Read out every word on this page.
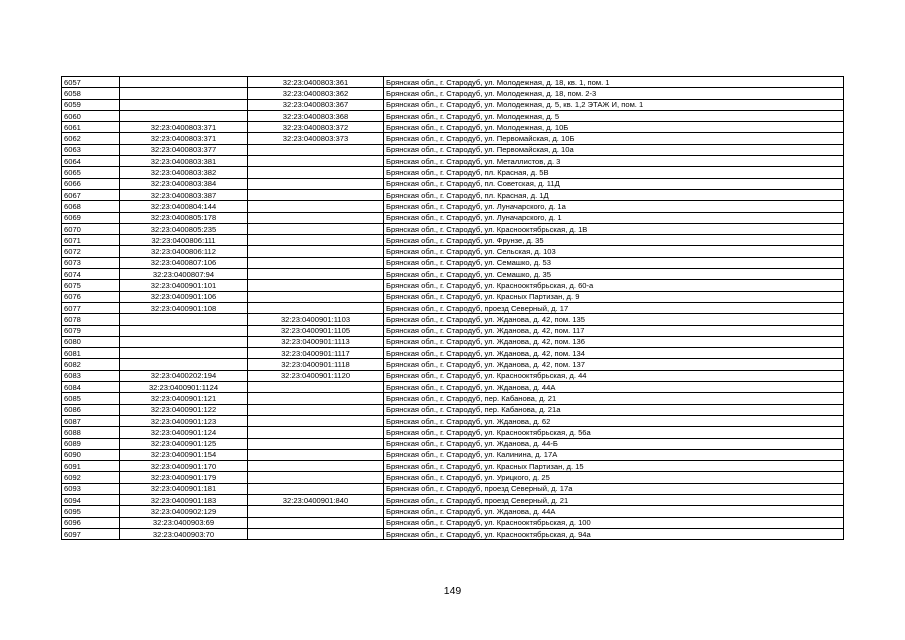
6057		32:23:0400803:361	Брянская обл., г. Стародуб, ул. Молодежная, д. 18, кв. 1, пом. 1
6058		32:23:0400803:362	Брянская обл., г. Стародуб, ул. Молодежная, д. 18, пом. 2-3
6059		32:23:0400803:367	Брянская обл., г. Стародуб, ул. Молодежная, д. 5, кв. 1,2 ЭТАЖ И, пом. 1
6060		32:23:0400803:368	Брянская обл., г. Стародуб, ул. Молодежная, д. 5
6061	32:23:0400803:371	32:23:0400803:372	Брянская обл., г. Стародуб, ул. Молодежная, д. 10Б
6062	32:23:0400803:371	32:23:0400803:373	Брянская обл., г. Стародуб, ул. Первомайская, д. 10Б
6063	32:23:0400803:377		Брянская обл., г. Стародуб, ул. Первомайская, д. 10а
6064	32:23:0400803:381		Брянская обл., г. Стародуб, ул. Металлистов, д. 3
6065	32:23:0400803:382		Брянская обл., г. Стародуб, пл. Красная, д. 5В
6066	32:23:0400803:384		Брянская обл., г. Стародуб, пл. Советская, д. 11Д
6067	32:23:0400803:387		Брянская обл., г. Стародуб, пл. Красная, д. 1Д
6068	32:23:0400804:144		Брянская обл., г. Стародуб, ул. Луначарского, д. 1а
6069	32:23:0400805:178		Брянская обл., г. Стародуб, ул. Луначарского, д. 1
6070	32:23:0400805:235		Брянская обл., г. Стародуб, ул. Краснооктябрьская, д. 1В
6071	32:23:0400806:111		Брянская обл., г. Стародуб, ул. Фрунзе, д. 35
6072	32:23:0400806:112		Брянская обл., г. Стародуб, ул. Сельская, д. 103
6073	32:23:0400807:106		Брянская обл., г. Стародуб, ул. Семашко, д. 53
6074	32:23:0400807:94		Брянская обл., г. Стародуб, ул. Семашко, д. 35
6075	32:23:0400901:101		Брянская обл., г. Стародуб, ул. Краснооктябрьская, д. 60-а
6076	32:23:0400901:106		Брянская обл., г. Стародуб, ул. Красных Партизан, д. 9
6077	32:23:0400901:108		Брянская обл., г. Стародуб, проезд Северный, д. 17
6078		32:23:0400901:1103	Брянская обл., г. Стародуб, ул. Жданова, д. 42, пом. 135
6079		32:23:0400901:1105	Брянская обл., г. Стародуб, ул. Жданова, д. 42, пом. 117
6080		32:23:0400901:1113	Брянская обл., г. Стародуб, ул. Жданова, д. 42, пом. 136
6081		32:23:0400901:1117	Брянская обл., г. Стародуб, ул. Жданова, д. 42, пом. 134
6082		32:23:0400901:1118	Брянская обл., г. Стародуб, ул. Жданова, д. 42, пом. 137
6083	32:23:0400202:194	32:23:0400901:1120	Брянская обл., г. Стародуб, ул. Краснооктябрьская, д. 44
6084	32:23:0400901:1124		Брянская обл., г. Стародуб, ул. Жданова, д. 44А
6085	32:23:0400901:121		Брянская обл., г. Стародуб, пер. Кабанова, д. 21
6086	32:23:0400901:122		Брянская обл., г. Стародуб, пер. Кабанова, д. 21а
6087	32:23:0400901:123		Брянская обл., г. Стародуб, ул. Жданова, д. 62
6088	32:23:0400901:124		Брянская обл., г. Стародуб, ул. Краснооктябрьская, д. 56а
6089	32:23:0400901:125		Брянская обл., г. Стародуб, ул. Жданова, д. 44-Б
6090	32:23:0400901:154		Брянская обл., г. Стародуб, ул. Калинина, д. 17А
6091	32:23:0400901:170		Брянская обл., г. Стародуб, ул. Красных Партизан, д. 15
6092	32:23:0400901:179		Брянская обл., г. Стародуб, ул. Урицкого, д. 25
6093	32:23:0400901:181		Брянская обл., г. Стародуб, проезд Северный, д. 17а
6094	32:23:0400901:183	32:23:0400901:840	Брянская обл., г. Стародуб, проезд Северный, д. 21
6095	32:23:0400902:129		Брянская обл., г. Стародуб, ул. Жданова, д. 44А
6096	32:23:0400903:69		Брянская обл., г. Стародуб, ул. Краснооктябрьская, д. 100
6097	32:23:0400903:70		Брянская обл., г. Стародуб, ул. Краснооктябрьская, д. 94а
149
